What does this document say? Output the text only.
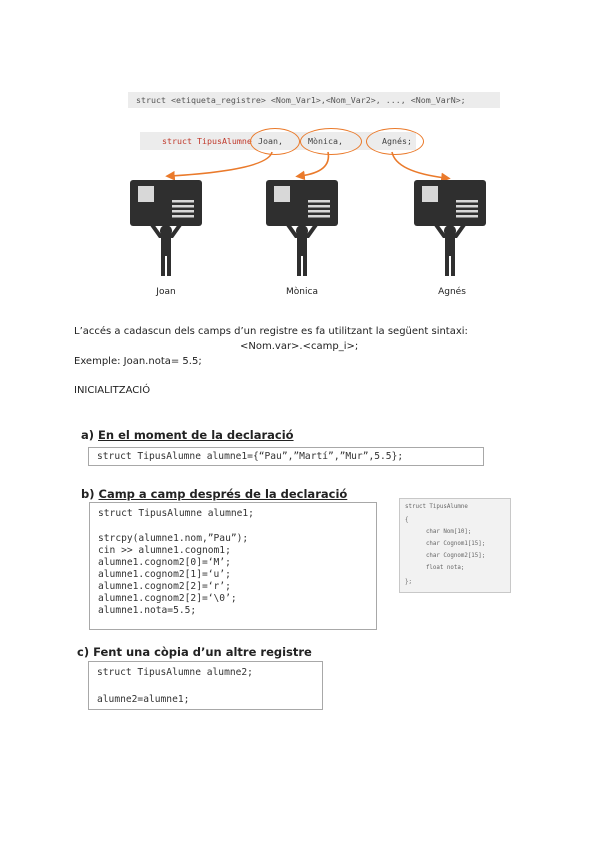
struct <etiqueta_registre> <Nom_Var1>,<Nom_Var2>, ..., <Nom_VarN>;
struct TipusAlumne Joan,	Mònica,	Agnés;
Joan	Mònica	Agnés
L’accés a cadascun dels camps d’un registre es fa utilitzant la següent sintaxi:
<Nom.var>.<camp_i>;
Exemple: Joan.nota= 5.5;
INICIALITZACIÓ
a) En el moment de la declaració
struct TipusAlumne alumne1={“Pau”,”Martí”,”Mur”,5.5};
b) Camp a camp després de la declaració
struct TipusAlumne alumne1;
strcpy(alumne1.nom,”Pau”);
cin >> alumne1.cognom1;
alumne1.cognom2[0]=‘M’;
alumne1.cognom2[1]=‘u’;
alumne1.cognom2[2]=‘r’;
alumne1.cognom2[2]=‘\0’;
alumne1.nota=5.5;
struct TipusAlumne
{
char Nom[10];
char Cognom1[15];
char Cognom2[15];
float nota;
};
c) Fent una còpia d’un altre registre
struct TipusAlumne alumne2;
alumne2=alumne1;
